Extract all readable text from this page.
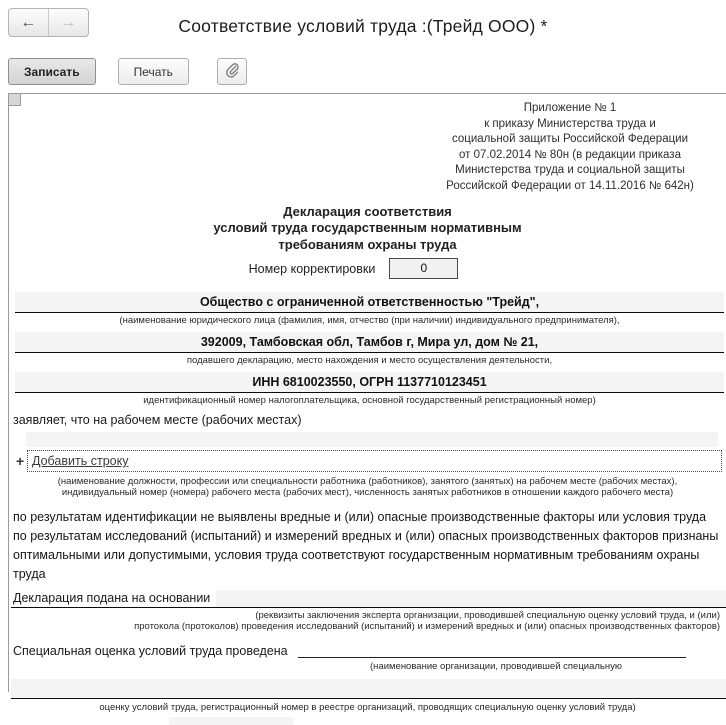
← →	Соответствие условий труда :(Трейд ООО) *
Записать	Печать
Приложение № 1
к приказу Министерства труда и
социальной защиты Российской Федерации
от 07.02.2014 № 80н (в редакции приказа
Министерства труда и социальной защиты
Российской Федерации от 14.11.2016 № 642н)
Декларация соответствия
условий труда государственным нормативным
требованиям охраны труда
Номер корректировки	0
Общество с ограниченной ответственностью "Трейд",
(наименование юридического лица (фамилия, имя, отчество (при наличии) индивидуального предпринимателя),
392009, Тамбовская обл, Тамбов г, Мира ул, дом № 21,
подавшего декларацию, место нахождения и место осуществления деятельности,
ИНН 6810023550, ОГРН 1137710123451
идентификационный номер налогоплательщика, основной государственный регистрационный номер)
заявляет, что на рабочем месте (рабочих местах)
+ Добавить строку
(наименование должности, профессии или специальности работника (работников), занятого (занятых) на рабочем месте (рабочих местах),
индивидуальный номер (номера) рабочего места (рабочих мест), численность занятых работников в отношении каждого рабочего места)
по результатам идентификации не выявлены вредные и (или) опасные производственные факторы или условия труда по результатам исследований (испытаний) и измерений вредных и (или) опасных производственных факторов признаны оптимальными или допустимыми, условия труда соответствуют государственным нормативным требованиям охраны труда
Декларация подана на основании
(реквизиты заключения эксперта организации, проводившей специальную оценку условий труда, и (или)
протокола (протоколов) проведения исследований (испытаний) и измерений вредных и (или) опасных производственных факторов)
Специальная оценка условий труда проведена
(наименование организации, проводившей специальную
оценку условий труда, регистрационный номер в реестре организаций, проводящих специальную оценку условий труда)
